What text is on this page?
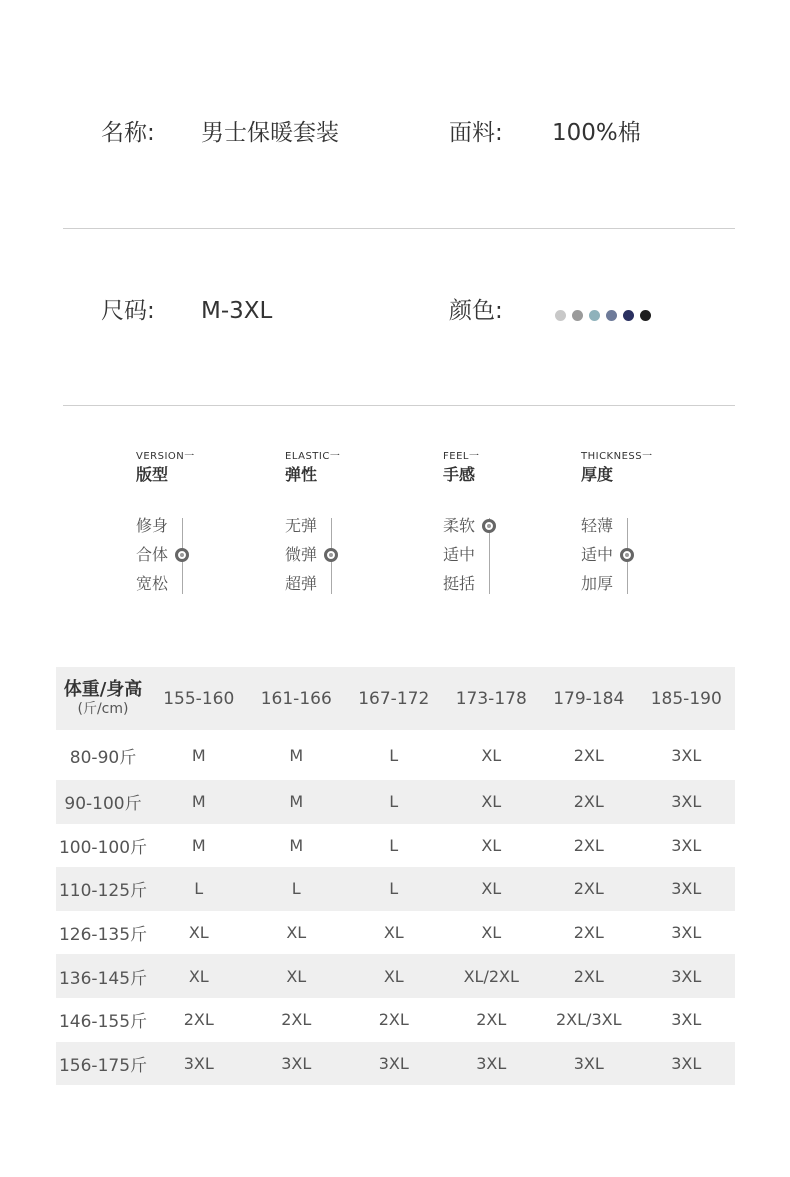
名称: 男士保暖套装	面料: 100%棉
尺码: M-3XL	颜色:
VERSION一
版型
修身
合体
宽松
ELASTIC一
弹性
无弹
微弹
超弹
FEEL一
手感
柔软
适中
挺括
THICKNESS一
厚度
轻薄
适中
加厚
体重/身高
(斤/cm)	155-160	161-166	167-172	173-178	179-184	185-190
80-90斤	M	M	L	XL	2XL	3XL
90-100斤	M	M	L	XL	2XL	3XL
100-100斤	M	M	L	XL	2XL	3XL
110-125斤	L	L	L	XL	2XL	3XL
126-135斤	XL	XL	XL	XL	2XL	3XL
136-145斤	XL	XL	XL	XL/2XL	2XL	3XL
146-155斤	2XL	2XL	2XL	2XL	2XL/3XL	3XL
156-175斤	3XL	3XL	3XL	3XL	3XL	3XL
